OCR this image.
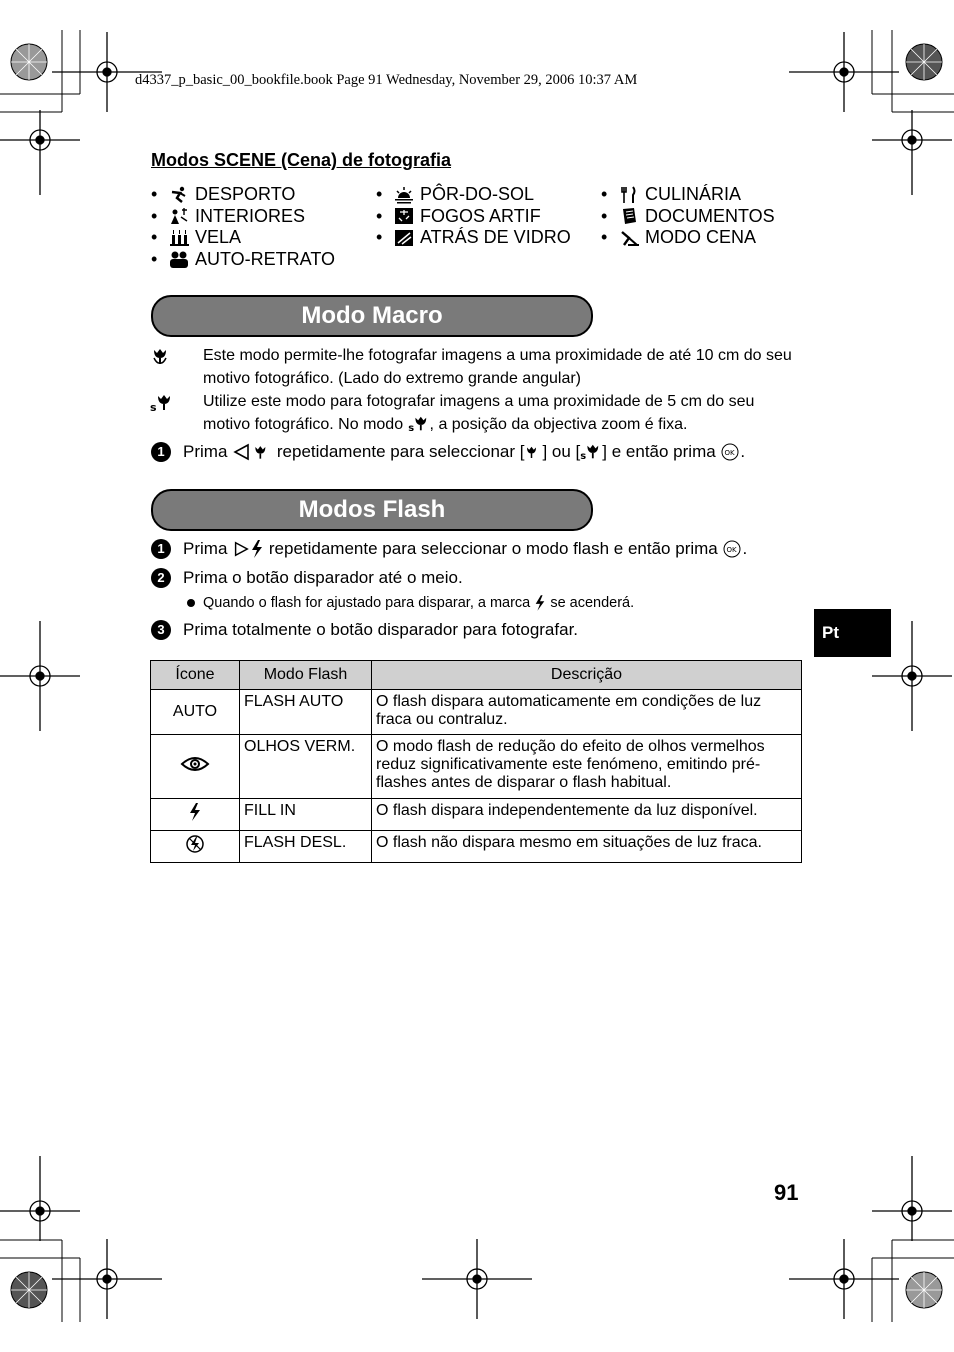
d4337_p_basic_00_bookfile.book Page 91 Wednesday, November 29, 2006 10:37 AM
Modos SCENE (Cena) de fotografia
•	DESPORTO
•	INTERIORES
•	VELA
•	AUTO-RETRATO
•	PÔR-DO-SOL
•	FOGOS ARTIF
•	ATRÁS DE VIDRO
•	CULINÁRIA
•	DOCUMENTOS
•	MODO CENA
Modo Macro
Este modo permite-lhe fotografar imagens a uma proximidade de até 10 cm do seu motivo fotográfico. (Lado do extremo grande angular)
s	Utilize este modo para fotografar imagens a uma proximidade de 5 cm do seu motivo fotográfico. No modo s , a posição da objectiva zoom é fixa.
1	Prima

	repetidamente para seleccionar [ ] ou [ s ] e então prima
OK .
Modos Flash
1	Prima

repetidamente para seleccionar o modo flash e então prima
OK .
2	Prima o botão disparador até o meio.
Quando o flash for ajustado para disparar, a marca

se acenderá.
3	Prima totalmente o botão disparador para fotografar.
Ícone	Modo Flash	Descrição
AUTO	FLASH AUTO	O flash dispara automaticamente em condições de luz fraca ou contraluz.
	OLHOS VERM.	O modo flash de redução do efeito de olhos vermelhos reduz significativamente este fenómeno, emitindo pré-flashes antes de disparar o flash habitual.
	FILL IN	O flash dispara independentemente da luz disponível.
	FLASH DESL.	O flash não dispara mesmo em situações de luz fraca.
Pt
91
